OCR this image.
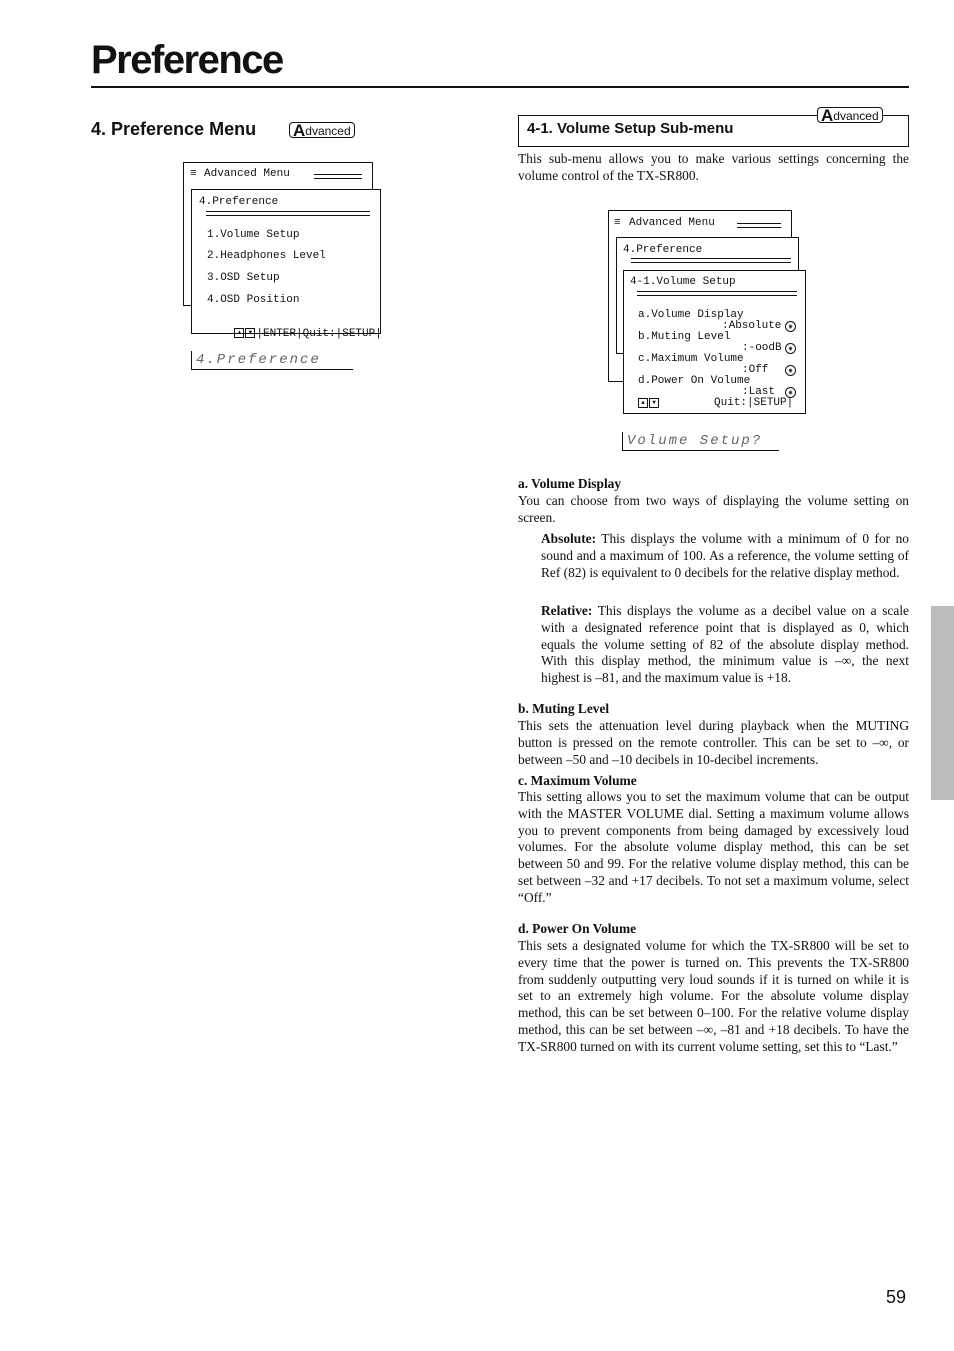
Preference
4. Preference Menu Advanced
≡ Advanced Menu
4.Preference
1.Volume Setup
2.Headphones Level
3.OSD Setup
4.OSD Position

▲ ▼ |ENTER|Quit:|SETUP|

4.Preference
4-1. Volume Setup Sub-menu
Advanced
This sub-menu allows you to make various settings concerning the volume control of the TX-SR800.
≡ Advanced Menu
4.Preference
4-1.Volume Setup
a.Volume Display
:Absolute	◉
b.Muting Level
:-oodB	◉
c.Maximum Volume
:Off	◉
d.Power On Volume
:Last	◉
▲ ▼	Quit:|SETUP|
Volume Setup?
a. Volume Display
You can choose from two ways of displaying the volume setting on screen.
Absolute: This displays the volume with a minimum of 0 for no sound and a maximum of 100. As a reference, the volume setting of Ref (82) is equivalent to 0 decibels for the relative display method.
Relative: This displays the volume as a decibel value on a scale with a designated reference point that is displayed as 0, which equals the volume setting of 82 of the absolute display method. With this display method, the minimum value is –∞, the next highest is –81, and the maximum value is +18.
b. Muting Level
This sets the attenuation level during playback when the MUTING button is pressed on the remote controller. This can be set to –∞, or between –50 and –10 decibels in 10-decibel increments.
c. Maximum Volume
This setting allows you to set the maximum volume that can be output with the MASTER VOLUME dial. Setting a maximum volume allows you to prevent components from being damaged by excessively loud volumes. For the absolute volume display method, this can be set between 50 and 99. For the relative volume display method, this can be set between –32 and +17 decibels. To not set a maximum volume, select “Off.”
d. Power On Volume
This sets a designated volume for which the TX-SR800 will be set to every time that the power is turned on. This prevents the TX-SR800 from suddenly outputting very loud sounds if it is turned on while it is set to an extremely high volume. For the absolute volume display method, this can be set between 0–100. For the relative volume display method, this can be set between –∞, –81 and +18 decibels. To have the TX-SR800 turned on with its current volume setting, set this to “Last.”
59
